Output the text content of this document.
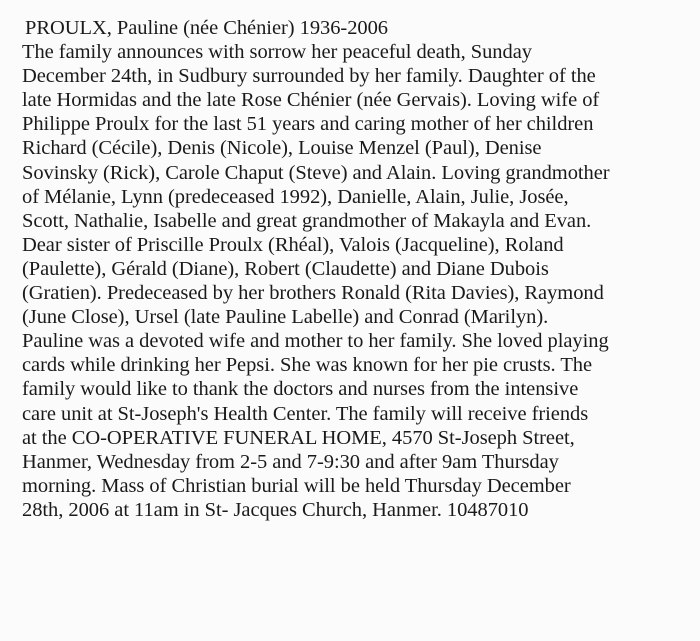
PROULX, Pauline (née Chénier) 1936-2006
The family announces with sorrow her peaceful death, Sunday
December 24th, in Sudbury surrounded by her family. Daughter of the
late Hormidas and the late Rose Chénier (née Gervais). Loving wife of
Philippe Proulx for the last 51 years and caring mother of her children
Richard (Cécile), Denis (Nicole), Louise Menzel (Paul), Denise
Sovinsky (Rick), Carole Chaput (Steve) and Alain. Loving grandmother
of Mélanie, Lynn (predeceased 1992), Danielle, Alain, Julie, Josée,
Scott, Nathalie, Isabelle and great grandmother of Makayla and Evan.
Dear sister of Priscille Proulx (Rhéal), Valois (Jacqueline), Roland
(Paulette), Gérald (Diane), Robert (Claudette) and Diane Dubois
(Gratien). Predeceased by her brothers Ronald (Rita Davies), Raymond
(June Close), Ursel (late Pauline Labelle) and Conrad (Marilyn).
Pauline was a devoted wife and mother to her family. She loved playing
cards while drinking her Pepsi. She was known for her pie crusts. The
family would like to thank the doctors and nurses from the intensive
care unit at St-Joseph's Health Center. The family will receive friends
at the CO-OPERATIVE FUNERAL HOME, 4570 St-Joseph Street,
Hanmer, Wednesday from 2-5 and 7-9:30 and after 9am Thursday
morning. Mass of Christian burial will be held Thursday December
28th, 2006 at 11am in St- Jacques Church, Hanmer. 10487010
